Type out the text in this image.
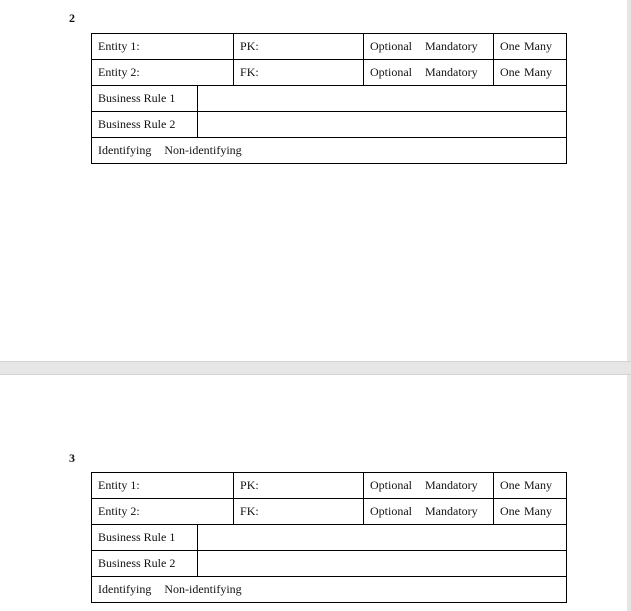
2
Entity 1:		PK:	Optional Mandatory	One Many
Entity 2:		FK:	Optional Mandatory	One Many
Business Rule 1				
Business Rule 2				
Identifying Non-identifying				
3
Entity 1:		PK:	Optional Mandatory	One Many
Entity 2:		FK:	Optional Mandatory	One Many
Business Rule 1				
Business Rule 2				
Identifying Non-identifying				
